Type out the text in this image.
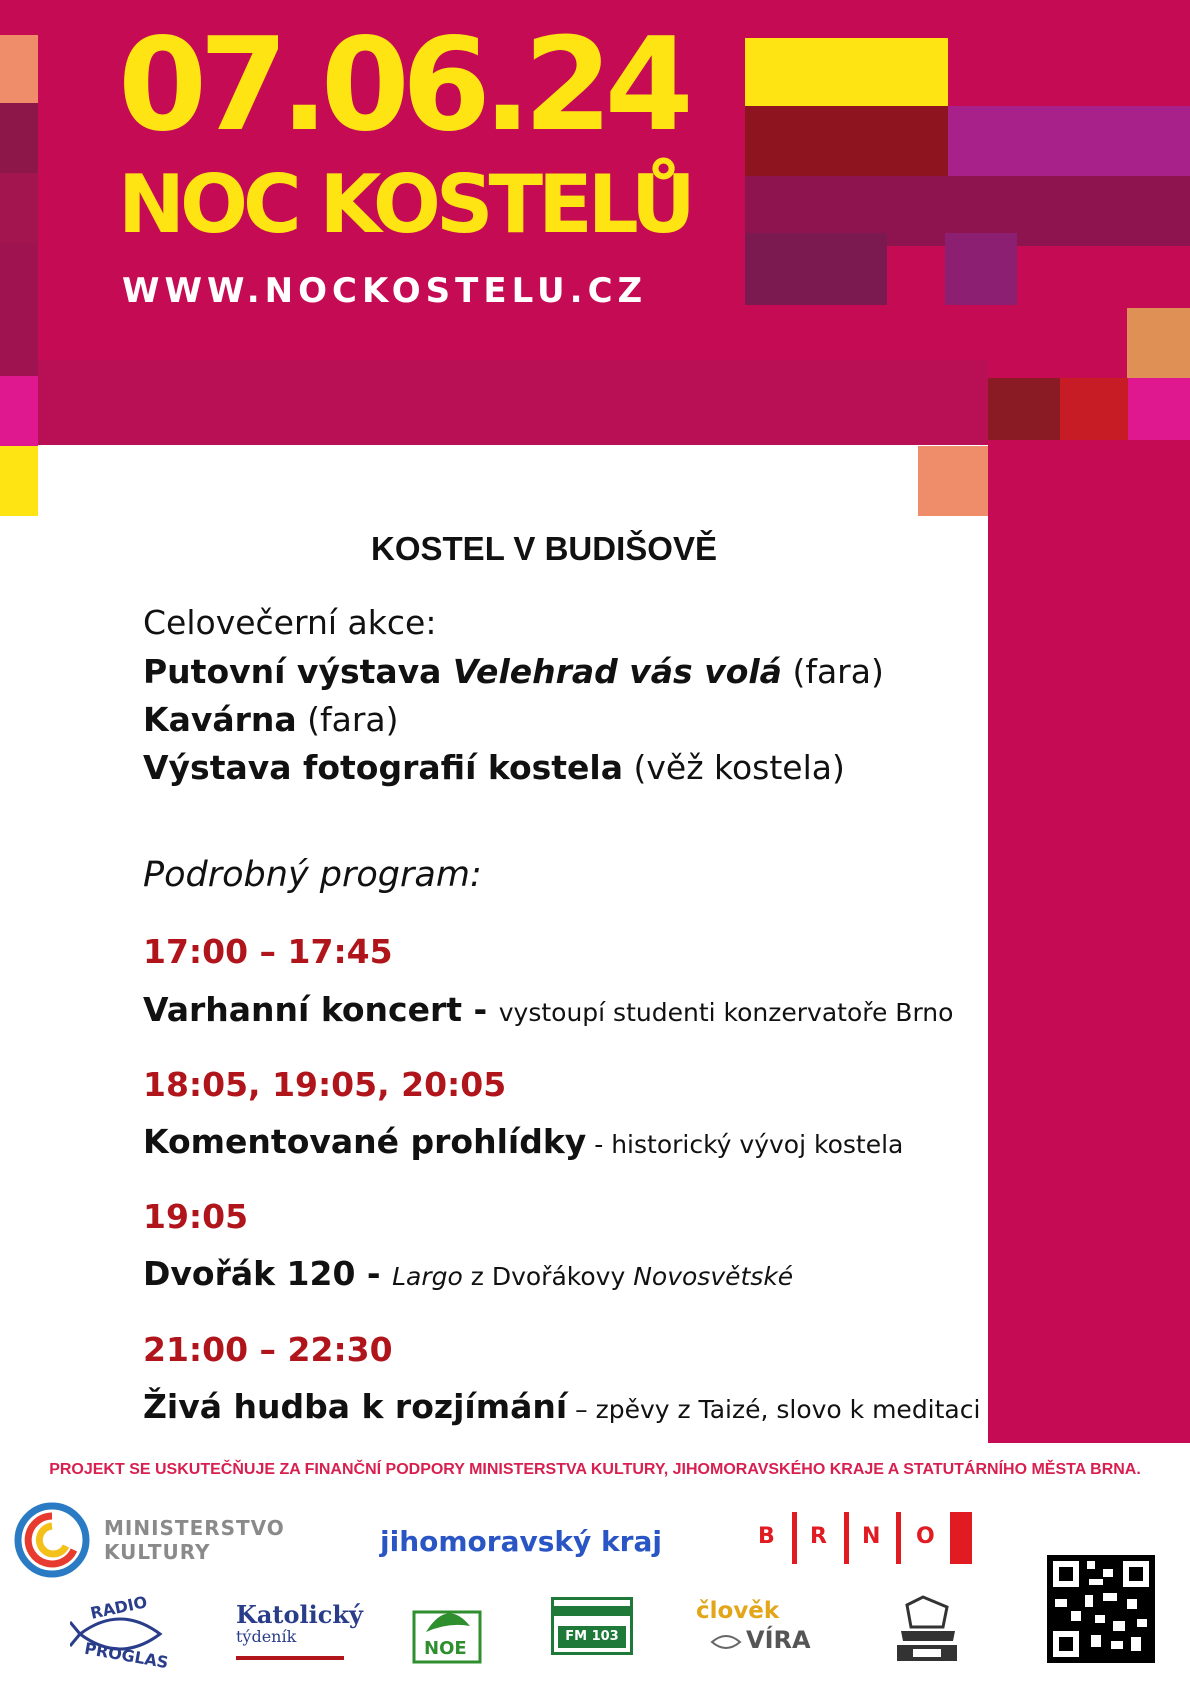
07.06.24
NOC KOSTELŮ
WWW.NOCKOSTELU.CZ
KOSTEL V BUDIŠOVĚ
Celovečerní akce:
Putovní výstava Velehrad vás volá (fara)
Kavárna (fara)
Výstava fotografií kostela (věž kostela)
Podrobný program:
17:00 – 17:45
Varhanní koncert - vystoupí studenti konzervatoře Brno
18:05, 19:05, 20:05
Komentované prohlídky - historický vývoj kostela
19:05
Dvořák 120 - Largo z Dvořákovy Novosvětské
21:00 – 22:30
Živá hudba k rozjímání – zpěvy z Taizé, slovo k meditaci
PROJEKT SE USKUTEČŇUJE ZA FINANČNÍ PODPORY MINISTERSTVA KULTURY, JIHOMORAVSKÉHO KRAJE A STATUTÁRNÍHO MĚSTA BRNA.
MINISTERSTVO
KULTURY	jihomoravský kraj	B R N O
RADIO
PROGLAS
Katolický
týdeník
NOE
FM 103
člověk
VÍRA
